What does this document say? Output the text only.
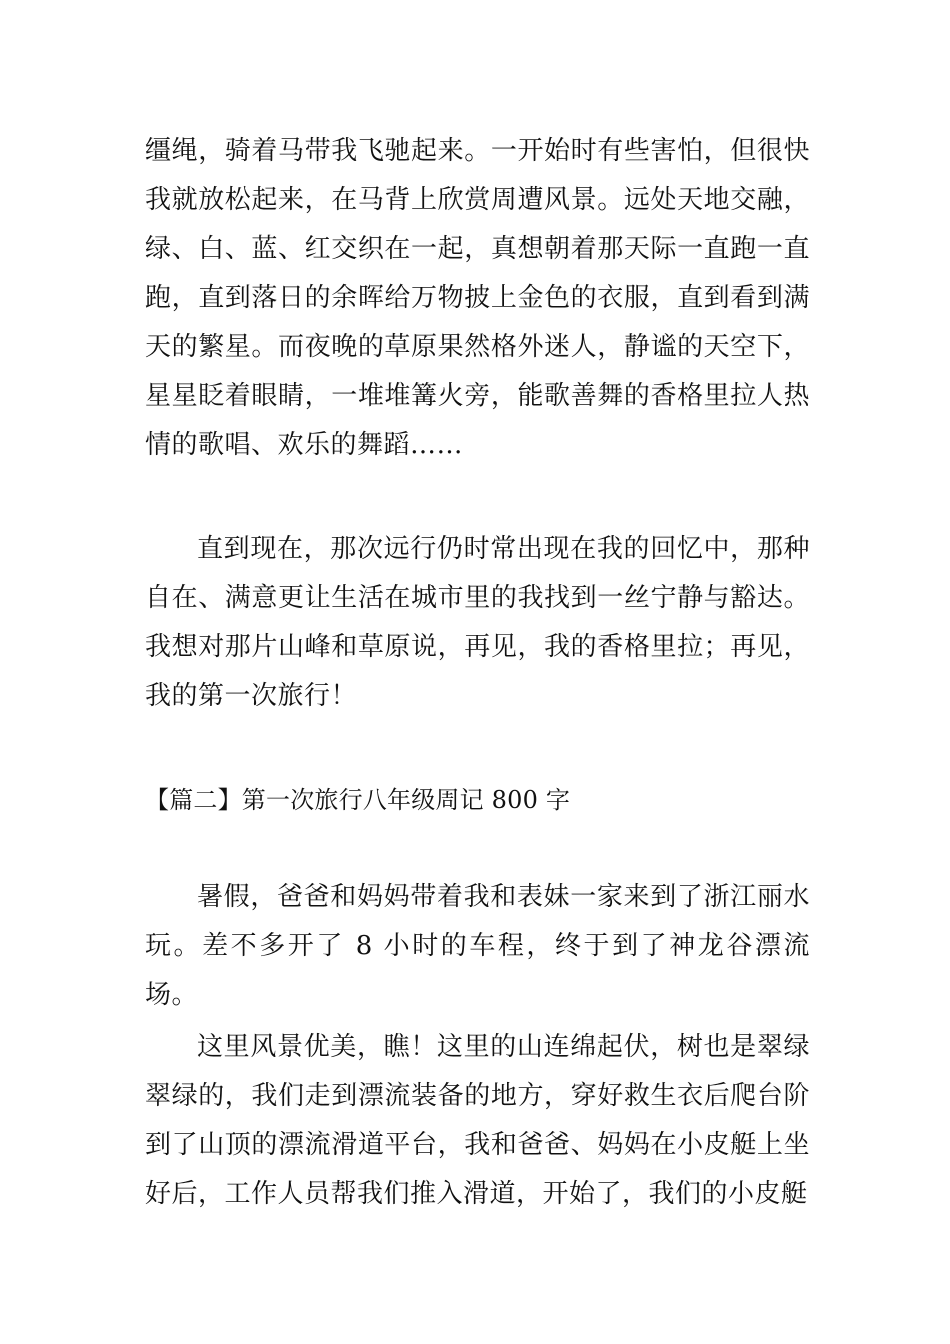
缰绳，骑着马带我飞驰起来。一开始时有些害怕，但很快我就放松起来，在马背上欣赏周遭风景。远处天地交融，绿、白、蓝、红交织在一起，真想朝着那天际一直跑一直跑，直到落日的余晖给万物披上金色的衣服，直到看到满天的繁星。而夜晚的草原果然格外迷人，静谧的天空下，星星眨着眼睛，一堆堆篝火旁，能歌善舞的香格里拉人热情的歌唱、欢乐的舞蹈……

直到现在，那次远行仍时常出现在我的回忆中，那种自在、满意更让生活在城市里的我找到一丝宁静与豁达。我想对那片山峰和草原说，再见，我的香格里拉；再见，我的第一次旅行！

【篇二】第一次旅行八年级周记 800 字

暑假，爸爸和妈妈带着我和表妹一家来到了浙江丽水玩。差不多开了 8 小时的车程，终于到了神龙谷漂流场。

这里风景优美，瞧！这里的山连绵起伏，树也是翠绿翠绿的，我们走到漂流装备的地方，穿好救生衣后爬台阶到了山顶的漂流滑道平台，我和爸爸、妈妈在小皮艇上坐好后，工作人员帮我们推入滑道，开始了，我们的小皮艇
